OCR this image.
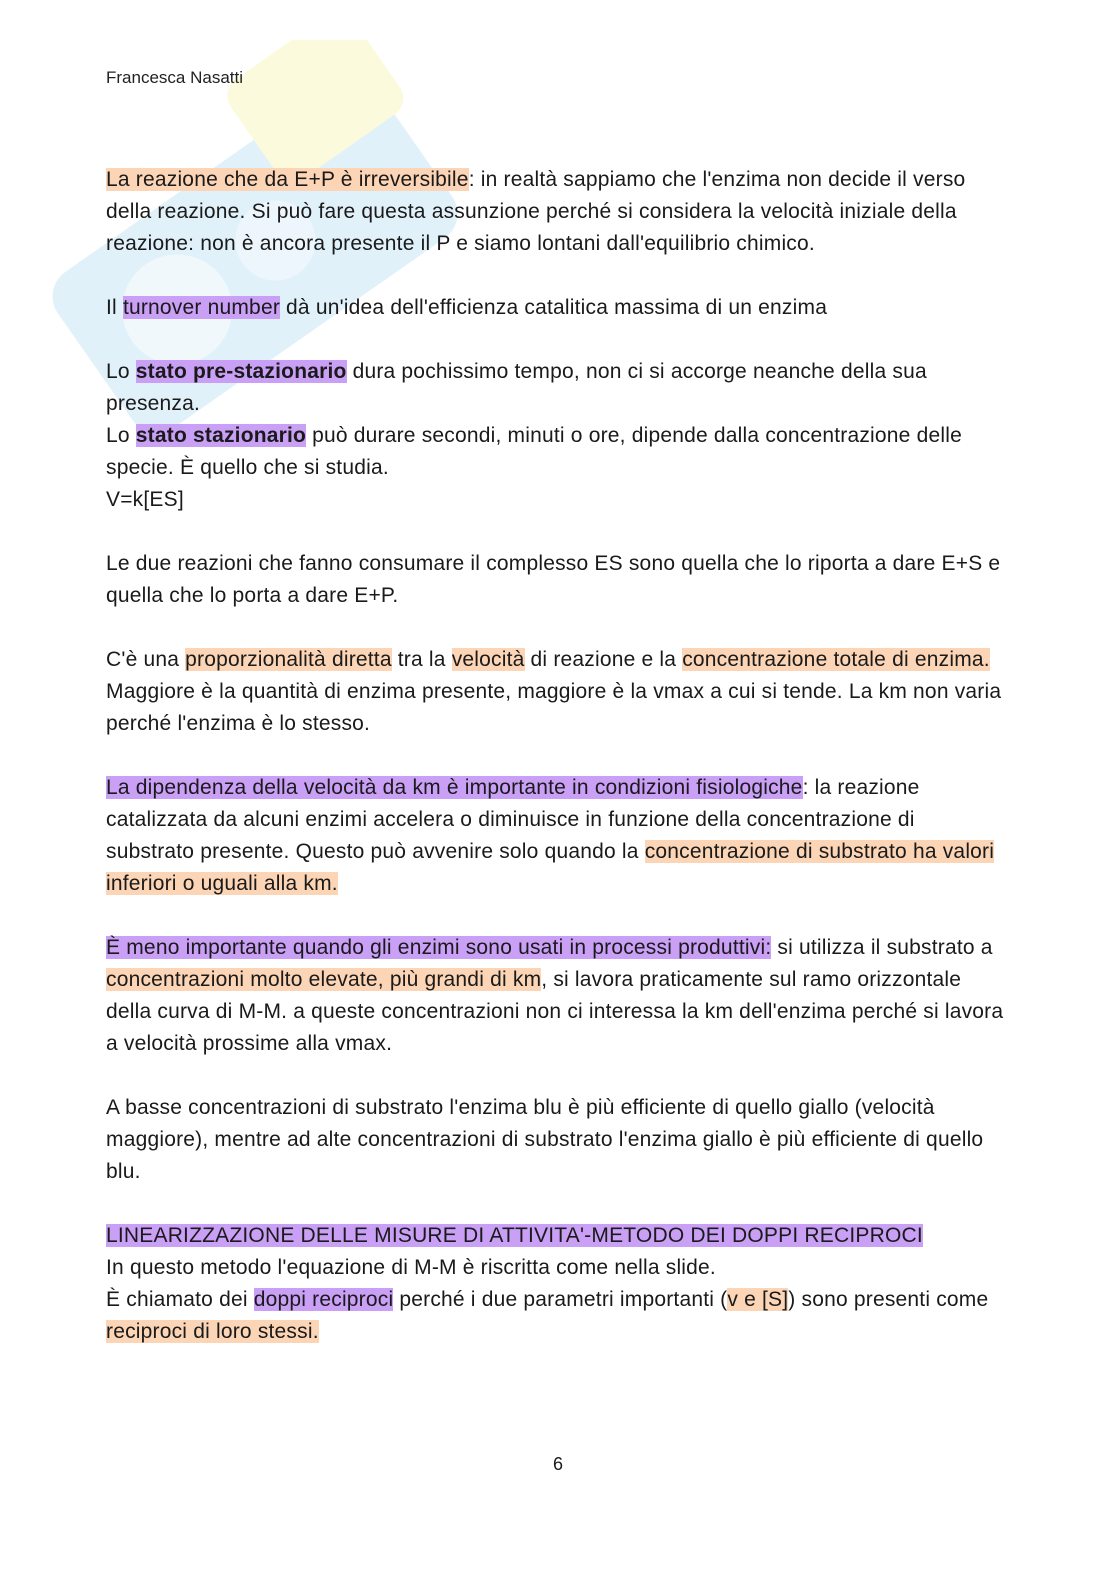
Francesca Nasatti

La reazione che da E+P è irreversibile: in realtà sappiamo che l'enzima non decide il verso della reazione. Si può fare questa assunzione perché si considera la velocità iniziale della reazione: non è ancora presente il P e siamo lontani dall'equilibrio chimico.

Il turnover number dà un'idea dell'efficienza catalitica massima di un enzima

Lo stato pre-stazionario dura pochissimo tempo, non ci si accorge neanche della sua presenza.

Lo stato stazionario può durare secondi, minuti o ore, dipende dalla concentrazione delle specie. È quello che si studia.

V=k[ES]

Le due reazioni che fanno consumare il complesso ES sono quella che lo riporta a dare E+S e quella che lo porta a dare E+P.

C'è una proporzionalità diretta tra la velocità di reazione e la concentrazione totale di enzima.

Maggiore è la quantità di enzima presente, maggiore è la vmax a cui si tende. La km non varia perché l'enzima è lo stesso.

La dipendenza della velocità da km è importante in condizioni fisiologiche: la reazione catalizzata da alcuni enzimi accelera o diminuisce in funzione della concentrazione di substrato presente. Questo può avvenire solo quando la concentrazione di substrato ha valori inferiori o uguali alla km.

È meno importante quando gli enzimi sono usati in processi produttivi: si utilizza il substrato a concentrazioni molto elevate, più grandi di km, si lavora praticamente sul ramo orizzontale della curva di M-M. a queste concentrazioni non ci interessa la km dell'enzima perché si lavora a velocità prossime alla vmax.

A basse concentrazioni di substrato l'enzima blu è più efficiente di quello giallo (velocità maggiore), mentre ad alte concentrazioni di substrato l'enzima giallo è più efficiente di quello blu.

LINEARIZZAZIONE DELLE MISURE DI ATTIVITA'-METODO DEI DOPPI RECIPROCI

In questo metodo l'equazione di M-M è riscritta come nella slide.

È chiamato dei doppi reciproci perché i due parametri importanti (v e [S]) sono presenti come reciproci di loro stessi.

6
